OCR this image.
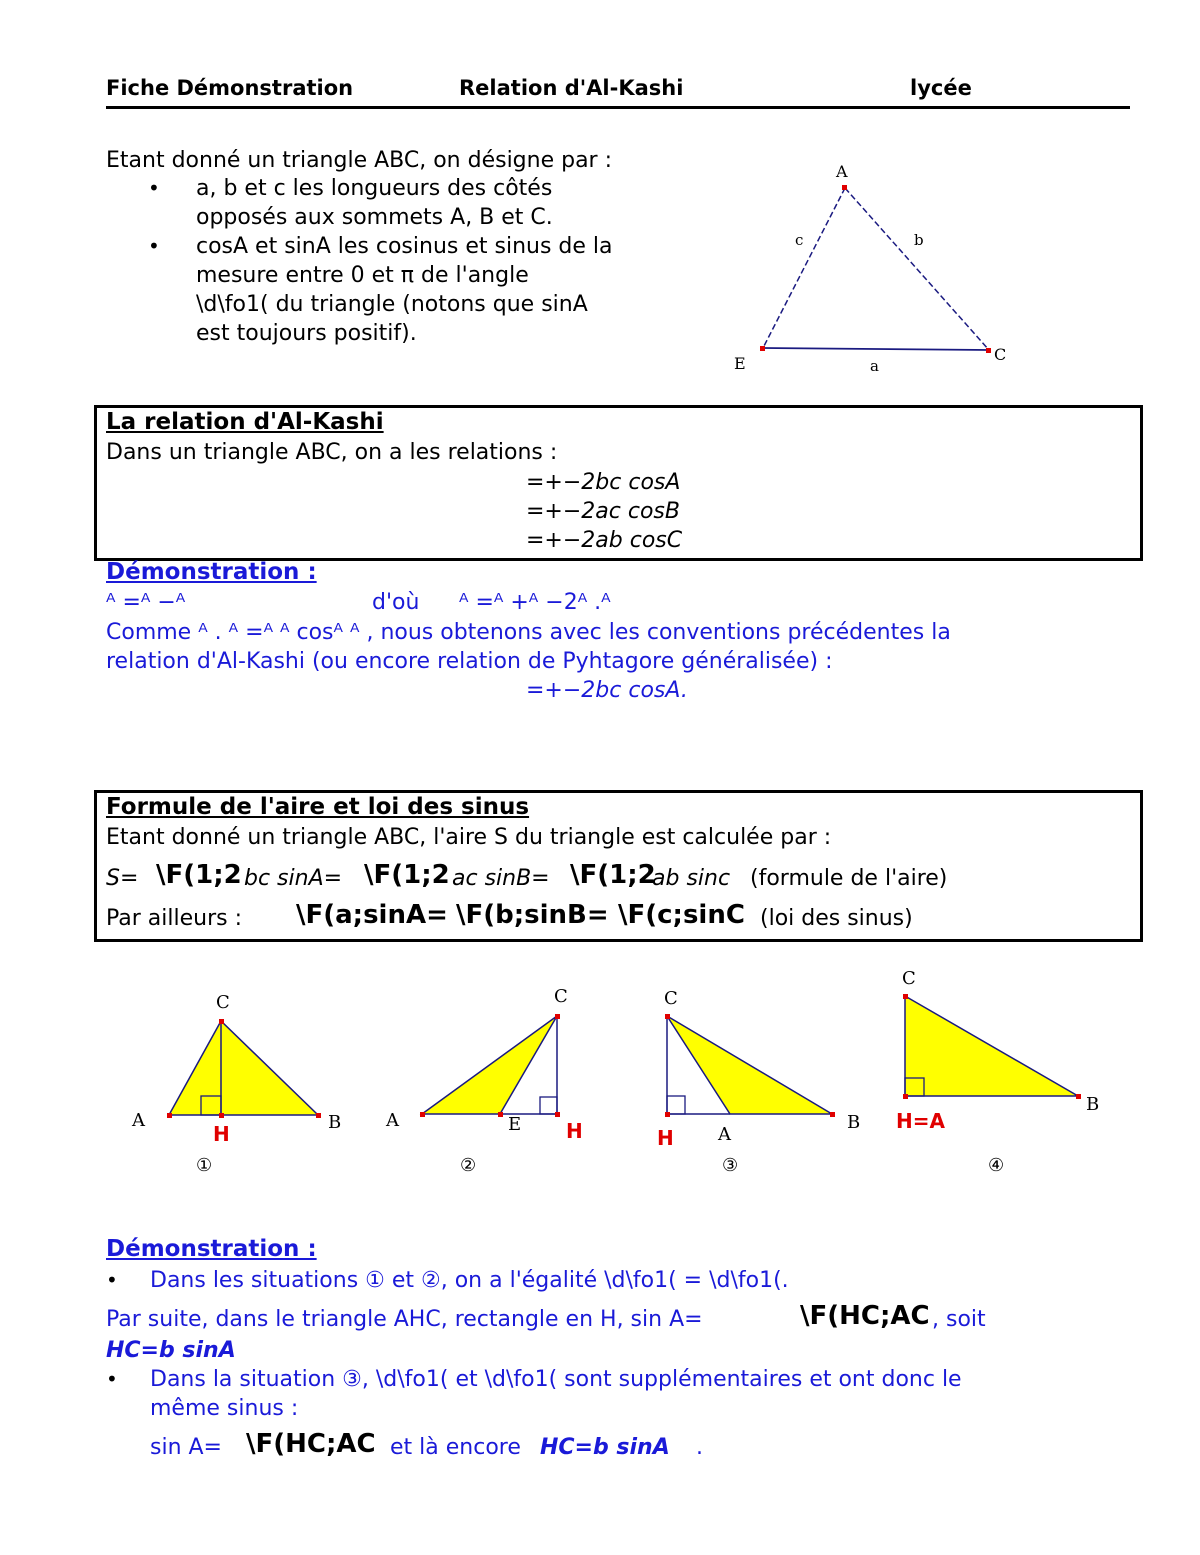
Fiche Démonstration	Relation d'Al-Kashi	lycée
Etant donné un triangle ABC, on désigne par :
• a, b et c les longueurs des côtés
opposés aux sommets A, B et C.
• cosA et sinA les cosinus et sinus de la
mesure entre 0 et π de l'angle
\d\fo1( du triangle (notons que sinA
est toujours positif).
A
E	C
a
b
c
La relation d'Al-Kashi
Dans un triangle ABC, on a les relations :
=+−2bc cosA
=+−2ac cosB
=+−2ab cosC
Démonstration :
ᴬ =ᴬ −ᴬ	d'où ᴬ =ᴬ +ᴬ −2ᴬ .ᴬ
Comme ᴬ . ᴬ =ᴬ ᴬ cosᴬ ᴬ , nous obtenons avec les conventions précédentes la
relation d'Al-Kashi (ou encore relation de Pyhtagore généralisée) :
=+−2bc cosA.
Formule de l'aire et loi des sinus
Etant donné un triangle ABC, l'aire S du triangle est calculée par :
S= \F(1;2 bc sinA= \F(1;2 ac sinB= \F(1;2
ab sinc (formule de l'aire)
Par ailleurs : \F(a;sinA= \F(b;sinB= \F(c;sinC (loi des sinus)
A
C
B
H
①
A
C
E H
②
C
A
B
H
③
C
B
H=A
④
Démonstration :
• Dans les situations ① et ②, on a l'égalité \d\fo1( = \d\fo1(.
Par suite, dans le triangle AHC, rectangle en H, sin A=	\F(HC;AC , soit
HC=b sinA
• Dans la situation ③, \d\fo1( et \d\fo1( sont supplémentaires et ont donc le
même sinus :
sin A= \F(HC;AC et là encore HC=b sinA .
